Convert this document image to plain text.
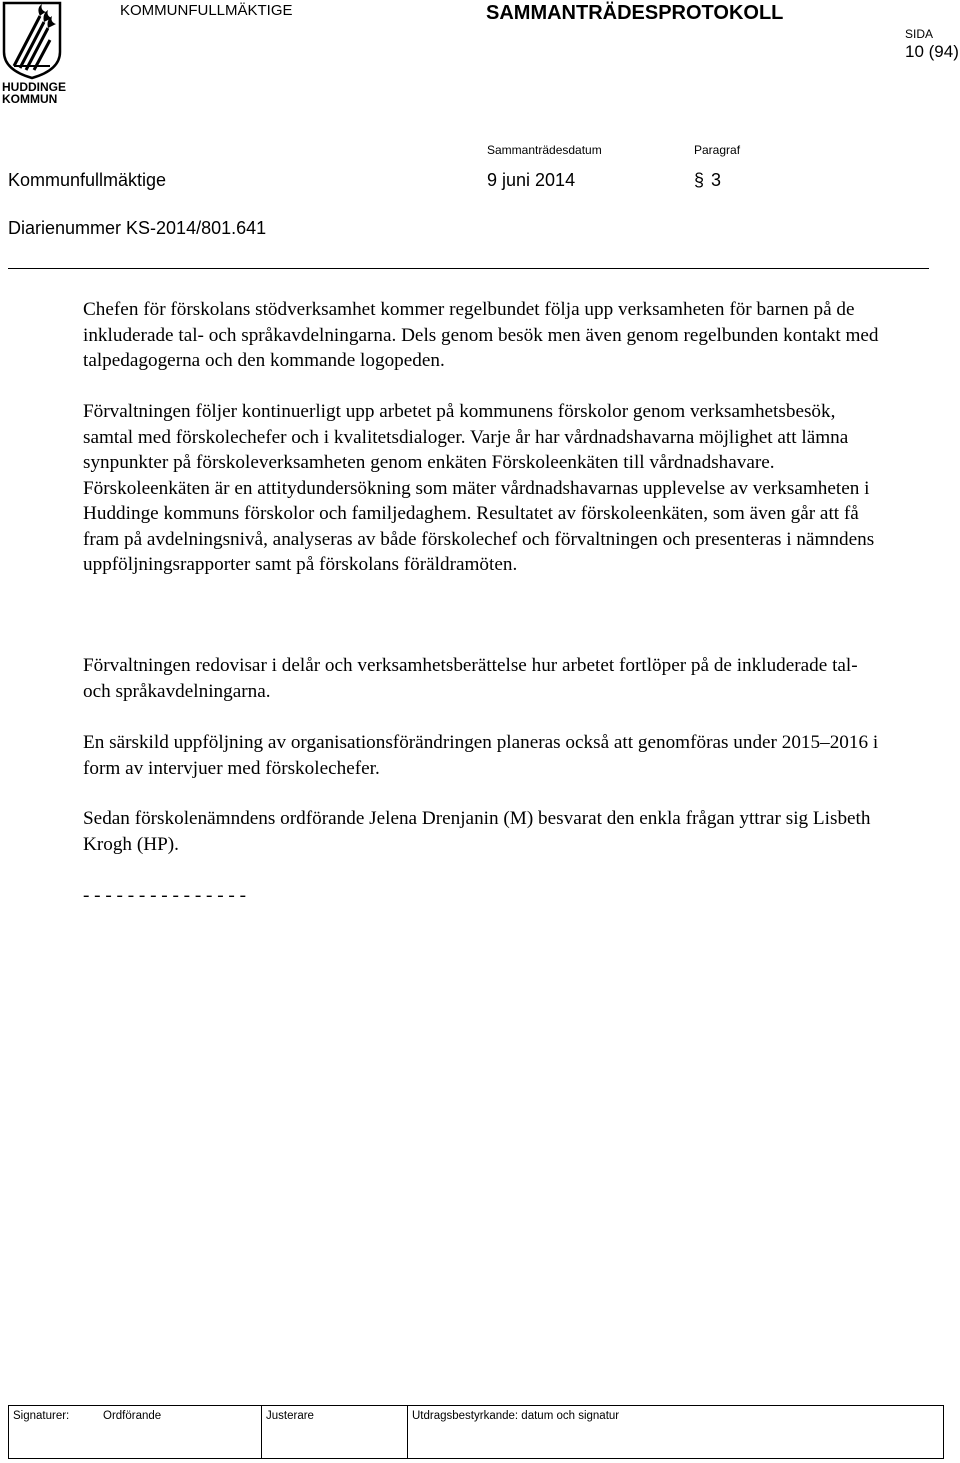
HUDDINGE
KOMMUN
KOMMUNFULLMÄKTIGE	SAMMANTRÄDESPROTOKOLL
SIDA
10 (94)
Sammanträdesdatum	Paragraf
Kommunfullmäktige	9 juni 2014	§ 3
Diarienummer KS-2014/801.641

Chefen för förskolans stödverksamhet kommer regelbundet följa upp verksamheten för barnen på de inkluderade tal- och språkavdelningarna. Dels genom besök men även genom regelbunden kontakt med talpedagogerna och den kommande logopeden.

Förvaltningen följer kontinuerligt upp arbetet på kommunens förskolor genom verksamhetsbesök, samtal med förskolechefer och i kvalitetsdialoger. Varje år har vårdnadshavarna möjlighet att lämna synpunkter på förskoleverksamheten genom enkäten Förskoleenkäten till vårdnadshavare. Förskoleenkäten är en attitydundersökning som mäter vårdnadshavarnas upplevelse av verksamheten i Huddinge kommuns förskolor och familjedaghem. Resultatet av förskoleenkäten, som även går att få fram på avdelningsnivå, analyseras av både förskolechef och förvaltningen och presenteras i nämndens uppföljningsrapporter samt på förskolans föräldramöten.

Förvaltningen redovisar i delår och verksamhetsberättelse hur arbetet fortlöper på de inkluderade tal- och språkavdelningarna.

En särskild uppföljning av organisationsförändringen planeras också att genomföras under 2015–2016 i form av intervjuer med förskolechefer.

Sedan förskolenämndens ordförande Jelena Drenjanin (M) besvarat den enkla frågan yttrar sig Lisbeth Krogh (HP).

- - - - - - - - - - - - - - -

Signaturer:	Ordförande	Justerare	Utdragsbestyrkande: datum och signatur
